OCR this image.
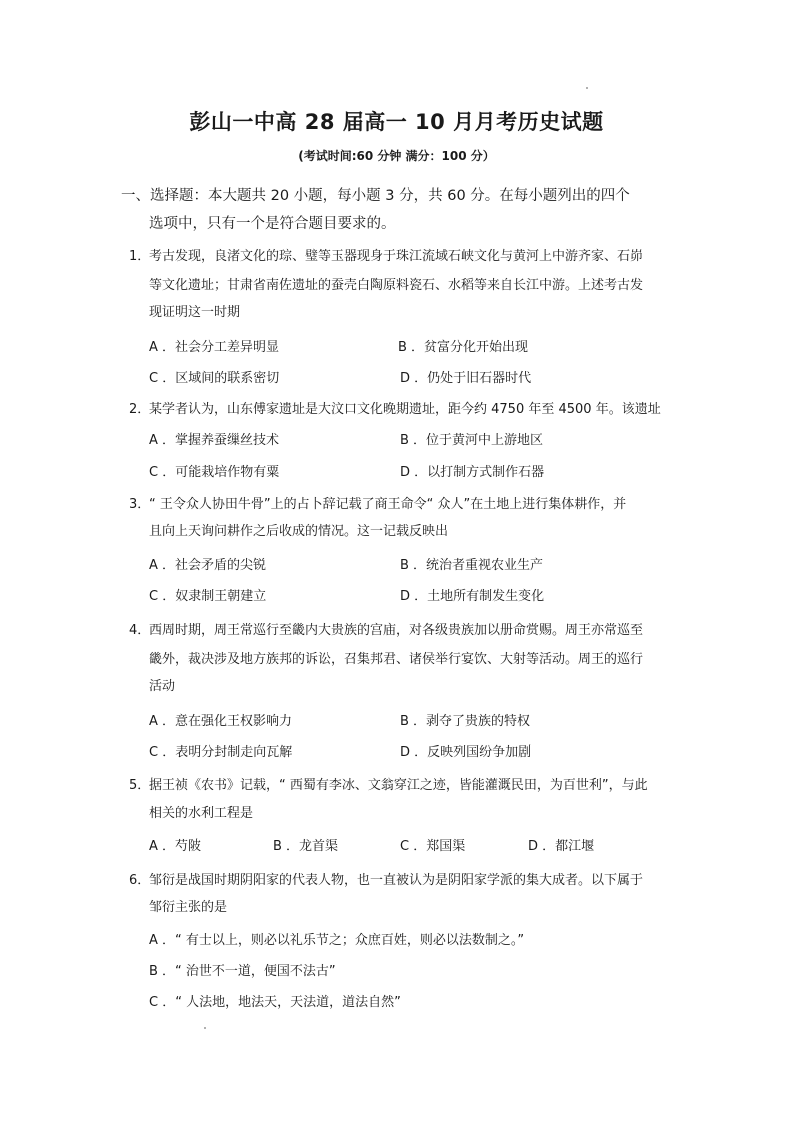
彭山一中高 28 届高一 10 月月考历史试题
(考试时间:60 分钟 满分：100 分）
一、选择题：本大题共 20 小题，每小题 3 分，共 60 分。在每小题列出的四个
选项中，只有一个是符合题目要求的。
1．
考古发现，良渚文化的琮、璧等玉器现身于珠江流域石峡文化与黄河上中游齐家、石峁
等文化遗址；甘肃省南佐遗址的蚕壳白陶原料瓷石、水稻等来自长江中游。上述考古发
现证明这一时期
A ．社会分工差异明显	B ．贫富分化开始出现
C ．区域间的联系密切	D ．仍处于旧石器时代
2．
某学者认为，山东傅家遗址是大汶口文化晚期遗址，距今约 4750 年至 4500 年。该遗址
A ．掌握养蚕缫丝技术	B ．位于黄河中上游地区
C ．可能栽培作物有粟	D ．以打制方式制作石器
3．
“ 王令众人协田牛骨”上的占卜辞记载了商王命令“ 众人”在土地上进行集体耕作，并
且向上天询问耕作之后收成的情况。这一记载反映出
A ．社会矛盾的尖锐	B ．统治者重视农业生产
C ．奴隶制王朝建立	D ．土地所有制发生变化
4．
西周时期，周王常巡行至畿内大贵族的宫庙，对各级贵族加以册命赏赐。周王亦常巡至
畿外，裁决涉及地方族邦的诉讼，召集邦君、诸侯举行宴饮、大射等活动。周王的巡行
活动
A ．意在强化王权影响力	B ．剥夺了贵族的特权
C ．表明分封制走向瓦解	D ．反映列国纷争加剧
5．
据王祯《农书》记载，“ 西蜀有李冰、文翁穿江之迹，皆能灌溉民田，为百世利”，与此
相关的水利工程是
A ．芍陂	B ．龙首渠	C ．郑国渠	D ．都江堰
6．
邹衍是战国时期阴阳家的代表人物，也一直被认为是阴阳家学派的集大成者。以下属于
邹衍主张的是
A ．“ 有士以上，则必以礼乐节之；众庶百姓，则必以法数制之。”
B ．“ 治世不一道，便国不法古”
C ．“ 人法地，地法天，天法道，道法自然”
